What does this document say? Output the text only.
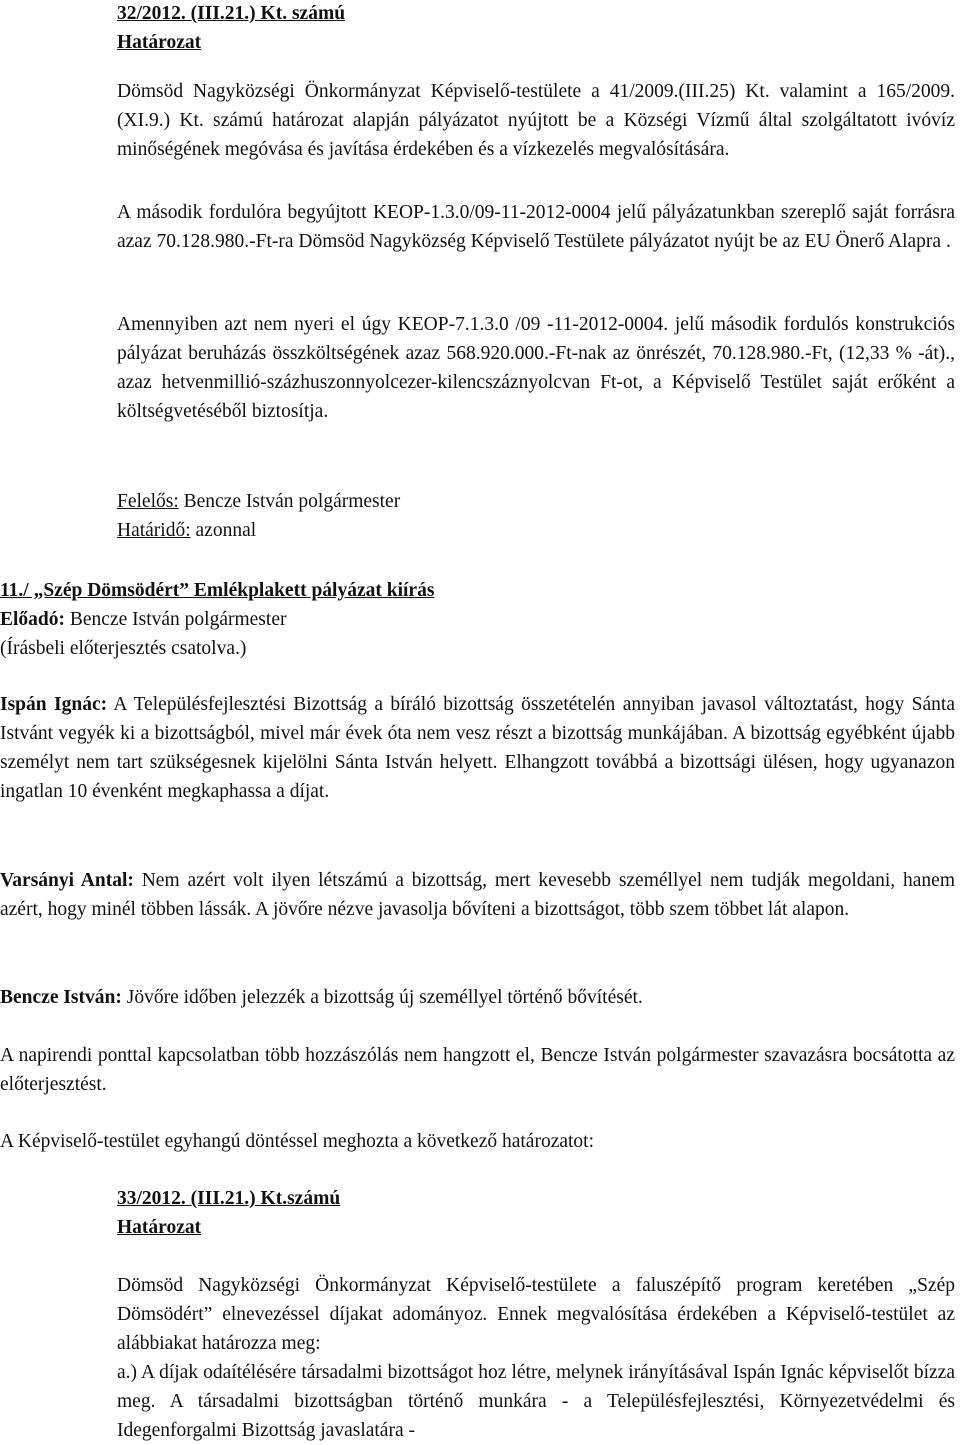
32/2012. (III.21.) Kt. számú

Határozat

Dömsöd Nagyközségi Önkormányzat Képviselő-testülete a 41/2009.(III.25) Kt. valamint a 165/2009.(XI.9.) Kt. számú határozat alapján pályázatot nyújtott be a Községi Vízmű által szolgáltatott ivóvíz minőségének megóvása és javítása érdekében és a vízkezelés megvalósítására.

A második fordulóra begyújtott KEOP-1.3.0/09-11-2012-0004 jelű pályázatunkban szereplő saját forrásra azaz 70.128.980.-Ft-ra Dömsöd Nagyközség Képviselő Testülete pályázatot nyújt be az EU Önerő Alapra .

Amennyiben azt nem nyeri el úgy KEOP-7.1.3.0 /09 -11-2012-0004. jelű második fordulós konstrukciós pályázat beruházás összköltségének azaz 568.920.000.-Ft-nak az önrészét, 70.128.980.-Ft, (12,33 % -át)., azaz hetvenmillió-százhuszonnyolcezer-kilencszáznyolcvan Ft-ot, a Képviselő Testület saját erőként a költségvetéséből biztosítja.

Felelős: Bencze István polgármester

Határidő: azonnal

11./ „Szép Dömsödért” Emlékplakett pályázat kiírás

Előadó: Bencze István polgármester

(Írásbeli előterjesztés csatolva.)

Ispán Ignác: A Településfejlesztési Bizottság a bíráló bizottság összetételén annyiban javasol változtatást, hogy Sánta Istvánt vegyék ki a bizottságból, mivel már évek óta nem vesz részt a bizottság munkájában. A bizottság egyébként újabb személyt nem tart szükségesnek kijelölni Sánta István helyett. Elhangzott továbbá a bizottsági ülésen, hogy ugyanazon ingatlan 10 évenként megkaphassa a díjat.

Varsányi Antal: Nem azért volt ilyen létszámú a bizottság, mert kevesebb személlyel nem tudják megoldani, hanem azért, hogy minél többen lássák. A jövőre nézve javasolja bővíteni a bizottságot, több szem többet lát alapon.

Bencze István: Jövőre időben jelezzék a bizottság új személlyel történő bővítését.

A napirendi ponttal kapcsolatban több hozzászólás nem hangzott el, Bencze István polgármester szavazásra bocsátotta az előterjesztést.

A Képviselő-testület egyhangú döntéssel meghozta a következő határozatot:

33/2012. (III.21.) Kt.számú

Határozat

Dömsöd Nagyközségi Önkormányzat Képviselő-testülete a faluszépítő program keretében „Szép Dömsödért” elnevezéssel díjakat adományoz. Ennek megvalósítása érdekében a Képviselő-testület az alábbiakat határozza meg:

a.) A díjak odaítélésére társadalmi bizottságot hoz létre, melynek irányításával Ispán Ignác képviselőt bízza meg. A társadalmi bizottságban történő munkára - a Településfejlesztési, Környezetvédelmi és Idegenforgalmi Bizottság javaslatára -
